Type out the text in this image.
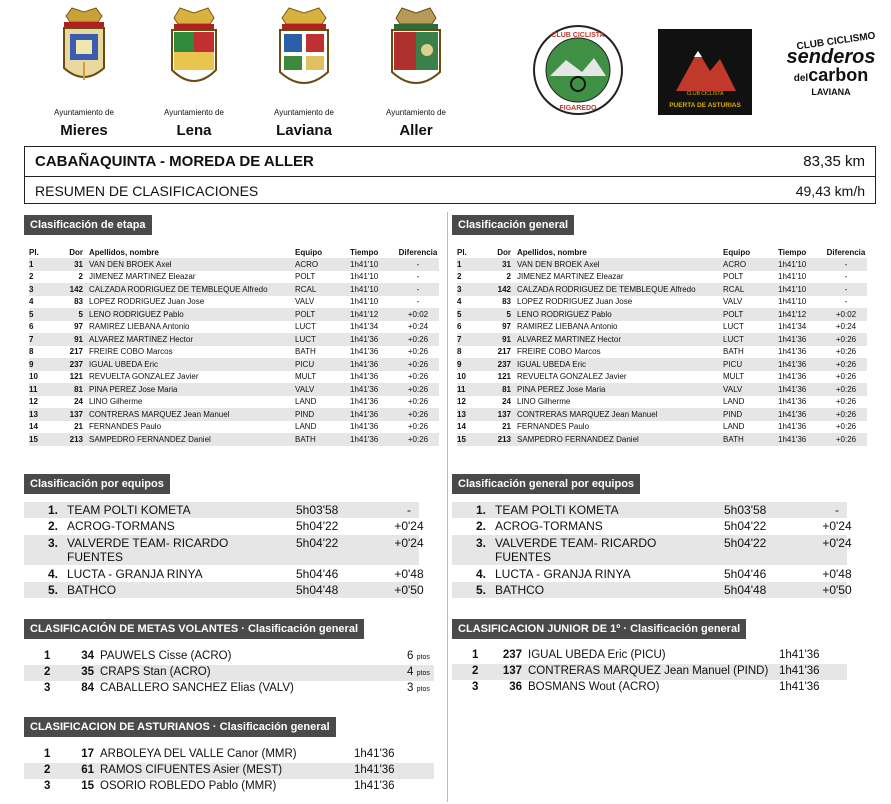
Ayuntamiento de
Mieres
Ayuntamiento de
Lena
Ayuntamiento de
Laviana
Ayuntamiento de
Aller
CLUB CICLISTA
FIGAREDO
CLUB CICLISTA
PUERTA DE ASTURIAS
CLUB CICLISMO
senderos
delcarbon
LAVIANA
CABAÑAQUINTA - MOREDA DE ALLER	83,35 km
RESUMEN DE CLASIFICACIONES	49,43 km/h
Clasificación de etapa
Pl.	Dor	Apellidos, nombre	Equipo	Tiempo	Diferencia
1	31	VAN DEN BROEK Axel	ACRO	1h41'10	-
2	2	JIMENEZ MARTINEZ Eleazar	POLT	1h41'10	-
3	142	CALZADA RODRIGUEZ DE TEMBLEQUE Alfredo	RCAL	1h41'10	-
4	83	LOPEZ RODRIGUEZ Juan Jose	VALV	1h41'10	-
5	5	LENO RODRIGUEZ Pablo	POLT	1h41'12	+0:02
6	97	RAMIREZ LIEBANA Antonio	LUCT	1h41'34	+0:24
7	91	ALVAREZ MARTINEZ Hector	LUCT	1h41'36	+0:26
8	217	FREIRE COBO Marcos	BATH	1h41'36	+0:26
9	237	IGUAL UBEDA Eric	PICU	1h41'36	+0:26
10	121	REVUELTA GONZALEZ Javier	MULT	1h41'36	+0:26
11	81	PINA PEREZ Jose Maria	VALV	1h41'36	+0:26
12	24	LINO Gilherme	LAND	1h41'36	+0:26
13	137	CONTRERAS MARQUEZ Jean Manuel	PIND	1h41'36	+0:26
14	21	FERNANDES Paulo	LAND	1h41'36	+0:26
15	213	SAMPEDRO FERNANDEZ Daniel	BATH	1h41'36	+0:26
Clasificación general
Pl.	Dor	Apellidos, nombre	Equipo	Tiempo	Diferencia
1	31	VAN DEN BROEK Axel	ACRO	1h41'10	-
2	2	JIMENEZ MARTINEZ Eleazar	POLT	1h41'10	-
3	142	CALZADA RODRIGUEZ DE TEMBLEQUE Alfredo	RCAL	1h41'10	-
4	83	LOPEZ RODRIGUEZ Juan Jose	VALV	1h41'10	-
5	5	LENO RODRIGUEZ Pablo	POLT	1h41'12	+0:02
6	97	RAMIREZ LIEBANA Antonio	LUCT	1h41'34	+0:24
7	91	ALVAREZ MARTINEZ Hector	LUCT	1h41'36	+0:26
8	217	FREIRE COBO Marcos	BATH	1h41'36	+0:26
9	237	IGUAL UBEDA Eric	PICU	1h41'36	+0:26
10	121	REVUELTA GONZALEZ Javier	MULT	1h41'36	+0:26
11	81	PINA PEREZ Jose Maria	VALV	1h41'36	+0:26
12	24	LINO Gilherme	LAND	1h41'36	+0:26
13	137	CONTRERAS MARQUEZ Jean Manuel	PIND	1h41'36	+0:26
14	21	FERNANDES Paulo	LAND	1h41'36	+0:26
15	213	SAMPEDRO FERNANDEZ Daniel	BATH	1h41'36	+0:26
Clasificación por equipos
1. TEAM POLTI KOMETA	5h03'58	-
2. ACROG-TORMANS	5h04'22	+0'24
3. VALVERDE TEAM- RICARDO
FUENTES
5h04'22	+0'24
4. LUCTA - GRANJA RINYA	5h04'46	+0'48
5. BATHCO	5h04'48	+0'50
Clasificación general por equipos
1. TEAM POLTI KOMETA	5h03'58	-
2. ACROG-TORMANS	5h04'22	+0'24
3. VALVERDE TEAM- RICARDO
FUENTES
5h04'22	+0'24
4. LUCTA - GRANJA RINYA	5h04'46	+0'48
5. BATHCO	5h04'48	+0'50
CLASIFICACIÓN DE METAS VOLANTES · Clasificación general
1	34 PAUWELS Cisse (ACRO)	6 ptos
2	35 CRAPS Stan (ACRO)	4 ptos
3	84 CABALLERO SANCHEZ Elias (VALV)	3 ptos
CLASIFICACION JUNIOR DE 1º · Clasificación general
1	237 IGUAL UBEDA Eric (PICU)	1h41'36
2	137 CONTRERAS MARQUEZ Jean Manuel (PIND) 1h41'36
3	36 BOSMANS Wout (ACRO)	1h41'36
CLASIFICACION DE ASTURIANOS · Clasificación general
1	17 ARBOLEYA DEL VALLE Canor (MMR)	1h41'36
2	61 RAMOS CIFUENTES Asier (MEST)	1h41'36
3	15 OSORIO ROBLEDO Pablo (MMR)	1h41'36
